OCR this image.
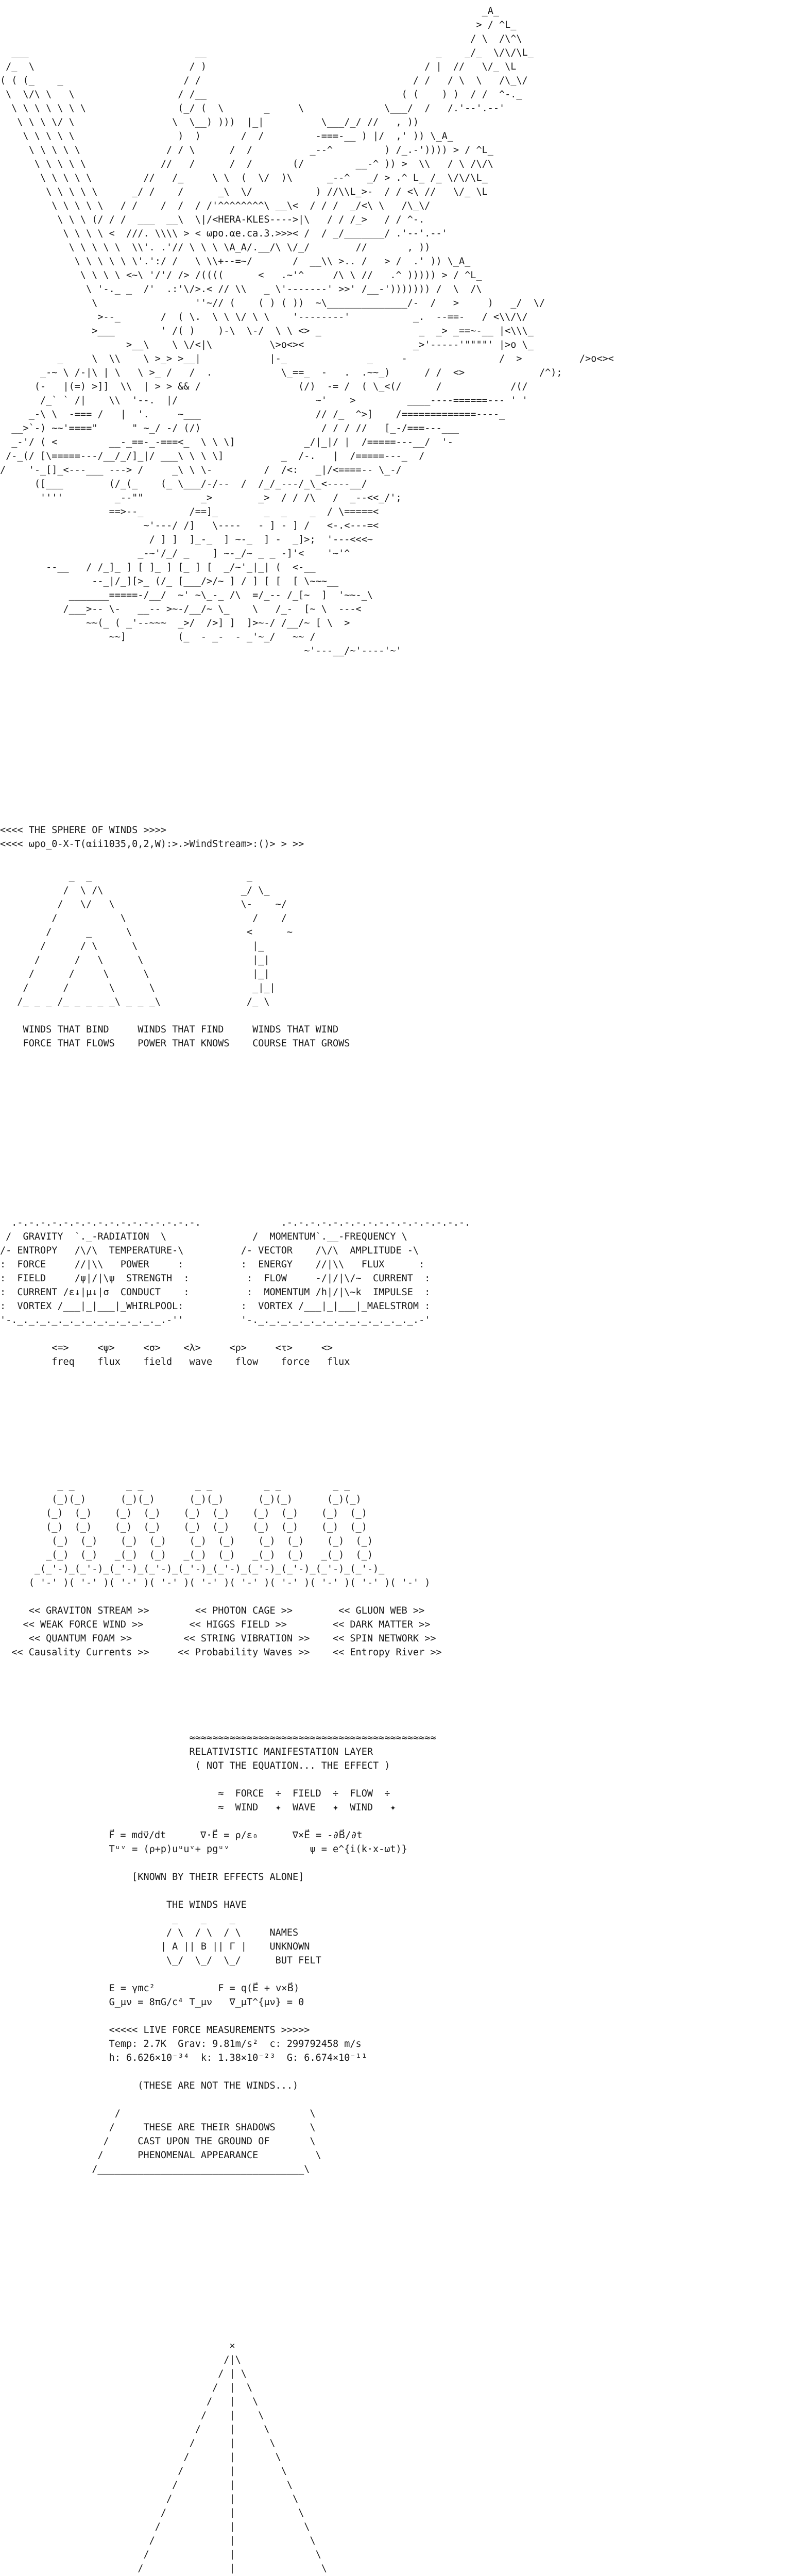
_A_
> / ^L_
/ \  /\^\
___                             __                                        _    _/_  \/\/\L_
/_  \                           / )                                      / |  //   \/_ \L
( ( (_    _                     / /                                     / /   / \  \   /\_\/
\  \/\ \   \                  / /__                                  ( (    ) )  / /  ^-._
\ \ \ \ \ \ \                (_/ (  \       _     \              \___/  /   /.'--'.--'
\ \ \ \/ \                 \  \__) )))  |_|          \___/_/ //   , ))
\ \ \ \ \                  )  )       /  /         -===-__ ) |/  ,' )) \_A_
\ \ \ \ \               / / \      /  /          _--^         ) /_.-')))) > / ^L_
\ \ \ \ \             //   /      /  /       (/         __-^ )) >  \\   / \ /\/\
\ \ \ \ \         //   /_     \ \  (  \/  )\      _--^   _/ > .^ L_ /_ \/\/\L_
\ \ \ \ \      _/ /    /      _\  \/           ) //\\L_>-  / / <\ //   \/_ \L
\ \ \ \ \   / /    /  /  / /'^^^^^^^^\ __\<  / / /  _/<\ \   /\_\/
\ \ \ (/ / /  ___  __\  \|/<HERA-KLES---->|\   / / /_>   / / ^-.
\ \ \ \ <  ///. \\\\ > < ωpo.αe.ca.3.>>>< /  / _/_______/ .'--'.--'
\ \ \ \ \  \\'. .'// \ \ \ \A_A/.__/\ \/_/        //       , ))
\ \ \ \ \ \'.':/ /   \ \\+--=~/       /  __\\ >.. /   > /  .' )) \_A_
\ \ \ \ <~\ '/'/ /> /((((      <   .~'^     /\ \ //   .^ ))))) > / ^L_
\ '-._ _  /'  .:'\/>.< // \\   _ \'-------' >>' /__-'))))))) /  \  /\
\                 ''~// (    ( ) ( ))  ~\______________/-  /   >     )   _/  \/
>--_       /  ( \.  \ \ \/ \ \    '--------'           _.  --==-   / <\\/\/
>___        ' /( )    )-\  \-/  \ \ <> _                 _  _> _==~-__ |<\\\_
>__\    \ \/<|\          \>o<><                   _>'-----'""""' |>o \_
_     \  \\    \ >_> >__|            |-_              _     -                /  >          />o<><
_-~ \ /-|\ | \   \ >_ /   /  .            \_==_  -   .  .~~_)      / /  <>             /^);
(-   |(=) >]]  \\  | > > && /                 (/)  -= /  ( \_<(/      /            /(/
/_` ` /|    \\  '--.  |/                        ~'    >         ____----======--- ' '
_-\ \  -=== /   |  '.     ~___                    // /_  ^>]    /=============----_
__>`-) ~~'===="      " ~_/ -/ (/)                     / / / //   [_-/===---___
_-'/ ( <         __-_==-_-===<_  \ \ \]            _/|_|/ |  /=====---__/  '-
/-_(/ [\=====---/__/_/]_|/ ___\ \ \ \]          _  /-.   |  /=====---_  /
/    '-_[]_<---___ ---> /     _\ \ \-         /  /<:   _|/<====-- \_-/
([___        (/_(_    (_ \___/-/--  /  /_/_---/_\_<----__/
''''         _--""          _>        _>  / / /\   /  _--<<_/';
==>--_        /==]_        _  _    _  / \=====<
~'---/ /]   \----   - ] - ] /   <-.<---=<
/ ] ]  ]_-_  ] ~-_  ] -  _]>;  '---<<<~
_-~'/_/ _    ] ~-_/~ _ _ -]'<    '~'^
--__   / /_]_ ] [ ]_ ] [_ ] [  _/~'_|_| (  <-__
--_|/_][>_ (/_ [___/>/~ ] / ] [ [  [ \~~~__
_______=====-/__/  ~' ~\_-_ /\  =/_-- /_[~  ]  '~~-_\
/___>-- \-   __-- >~-/__/~ \_    \   /_-  [~ \  ---<
~~(_ ( _'--~~~  _>/  />] ]  ]>~-/ /__/~ [ \  >
~~]         (_  - _-  - _'~_/   ~~ /
~'---__/~'----'~'
<<<< THE SPHERE OF WINDS >>>>
<<<< ωpo_0-X-T(αii1035,0,2,W):>.>WindStream>:()> > >>
_  _                           _
/  \ /\                        _/ \_
/   \/   \                      \-    ~/
/           \                      /    /
/      _      \                    <      ~
/      / \      \                    |_
/      /   \      \                   |_|
/      /     \      \                  |_|
/      /       \      \                 _|_|
/_ _ _ /_ _ _ _ _\ _ _ _\               /_ \

WINDS THAT BIND     WINDS THAT FIND     WINDS THAT WIND
FORCE THAT FLOWS    POWER THAT KNOWS    COURSE THAT GROWS
.-.-.-.-.-.-.-.-.-.-.-.-.-.-.-.-.              .-.-.-.-.-.-.-.-.-.-.-.-.-.-.-.-.
/  GRAVITY  `._-RADIATION  \               /  MOMENTUM`.__-FREQUENCY \
/- ENTROPY   /\/\  TEMPERATURE-\          /- VECTOR    /\/\  AMPLITUDE -\
:  FORCE     //|\\   POWER     :          :  ENERGY    //|\\   FLUX      :
:  FIELD     /ψ|/|\ψ  STRENGTH  :          :  FLOW     -/|/|\/~  CURRENT  :
:  CURRENT /ε↓|μ↓|σ  CONDUCT    :          :  MOMENTUM /h|/|\~k  IMPULSE  :
:  VORTEX /___|_|___|_WHIRLPOOL:          :  VORTEX /___|_|___|_MAELSTROM :
'-._._._._._._._._._._._._._.-''          '-._._._._._._._._._._._._._._.-'

<=>     <ψ>     <σ>    <λ>     <ρ>     <τ>     <>
freq    flux    field   wave    flow    force   flux
_ _         _ _         _ _         _ _         _ _
(_)(_)      (_)(_)      (_)(_)      (_)(_)      (_)(_)
(_)  (_)    (_)  (_)    (_)  (_)    (_)  (_)    (_)  (_)
(_)  (_)    (_)  (_)    (_)  (_)    (_)  (_)    (_)  (_)
(_)  (_)    (_)  (_)    (_)  (_)    (_)  (_)    (_)  (_)
_(_)  (_)   _(_)  (_)   _(_)  (_)   _(_)  (_)   _(_)  (_)
_(_'-)_(_'-)_(_'-)_(_'-)_(_'-)_(_'-)_(_'-)_(_'-)_(_'-)_(_'-)_
( '-' )( '-' )( '-' )( '-' )( '-' )( '-' )( '-' )( '-' )( '-' )( '-' )

<< GRAVITON STREAM >>        << PHOTON CAGE >>        << GLUON WEB >>
<< WEAK FORCE WIND >>        << HIGGS FIELD >>        << DARK MATTER >>
<< QUANTUM FOAM >>         << STRING VIBRATION >>    << SPIN NETWORK >>
<< Causality Currents >>     << Probability Waves >>    << Entropy River >>
≈≈≈≈≈≈≈≈≈≈≈≈≈≈≈≈≈≈≈≈≈≈≈≈≈≈≈≈≈≈≈≈≈≈≈≈≈≈≈≈≈≈≈
RELATIVISTIC MANIFESTATION LAYER
( NOT THE EQUATION... THE EFFECT )

≈  FORCE  ÷  FIELD  ÷  FLOW  ÷
≈  WIND   ✦  WAVE   ✦  WIND   ✦

F⃗ = mdv⃗/dt      ∇·E⃗ = ρ/ε₀      ∇×E⃗ = -∂B⃗/∂t
Tᵘᵛ = (ρ+p)uᵘuᵛ+ pgᵘᵛ              ψ = e^{i(k·x-ωt)}

[KNOWN BY THEIR EFFECTS ALONE]

THE WINDS HAVE
_    _    _
/ \  / \  / \     NAMES
| A || B || Γ |    UNKNOWN
\_/  \_/  \_/      BUT FELT

E = γmc²           F = q(E⃗ + v×B⃗)
G_μν = 8πG/c⁴ T_μν   ∇_μT^{μν} = 0

<<<<< LIVE FORCE MEASUREMENTS >>>>>
Temp: 2.7K  Grav: 9.81m/s²  c: 299792458 m/s
h: 6.626×10⁻³⁴  k: 1.38×10⁻²³  G: 6.674×10⁻¹¹

(THESE ARE NOT THE WINDS...)

/                                 \
/     THESE ARE THEIR SHADOWS      \
/     CAST UPON THE GROUND OF       \
/      PHENOMENAL APPEARANCE          \
/____________________________________\
×
/|\
/ | \
/  |  \
/   |   \
/    |    \
/     |     \
/      |      \
/       |       \
/        |        \
/         |         \
/          |          \
/           |           \
/            |            \
/             |             \
/              |              \
/               |               \
